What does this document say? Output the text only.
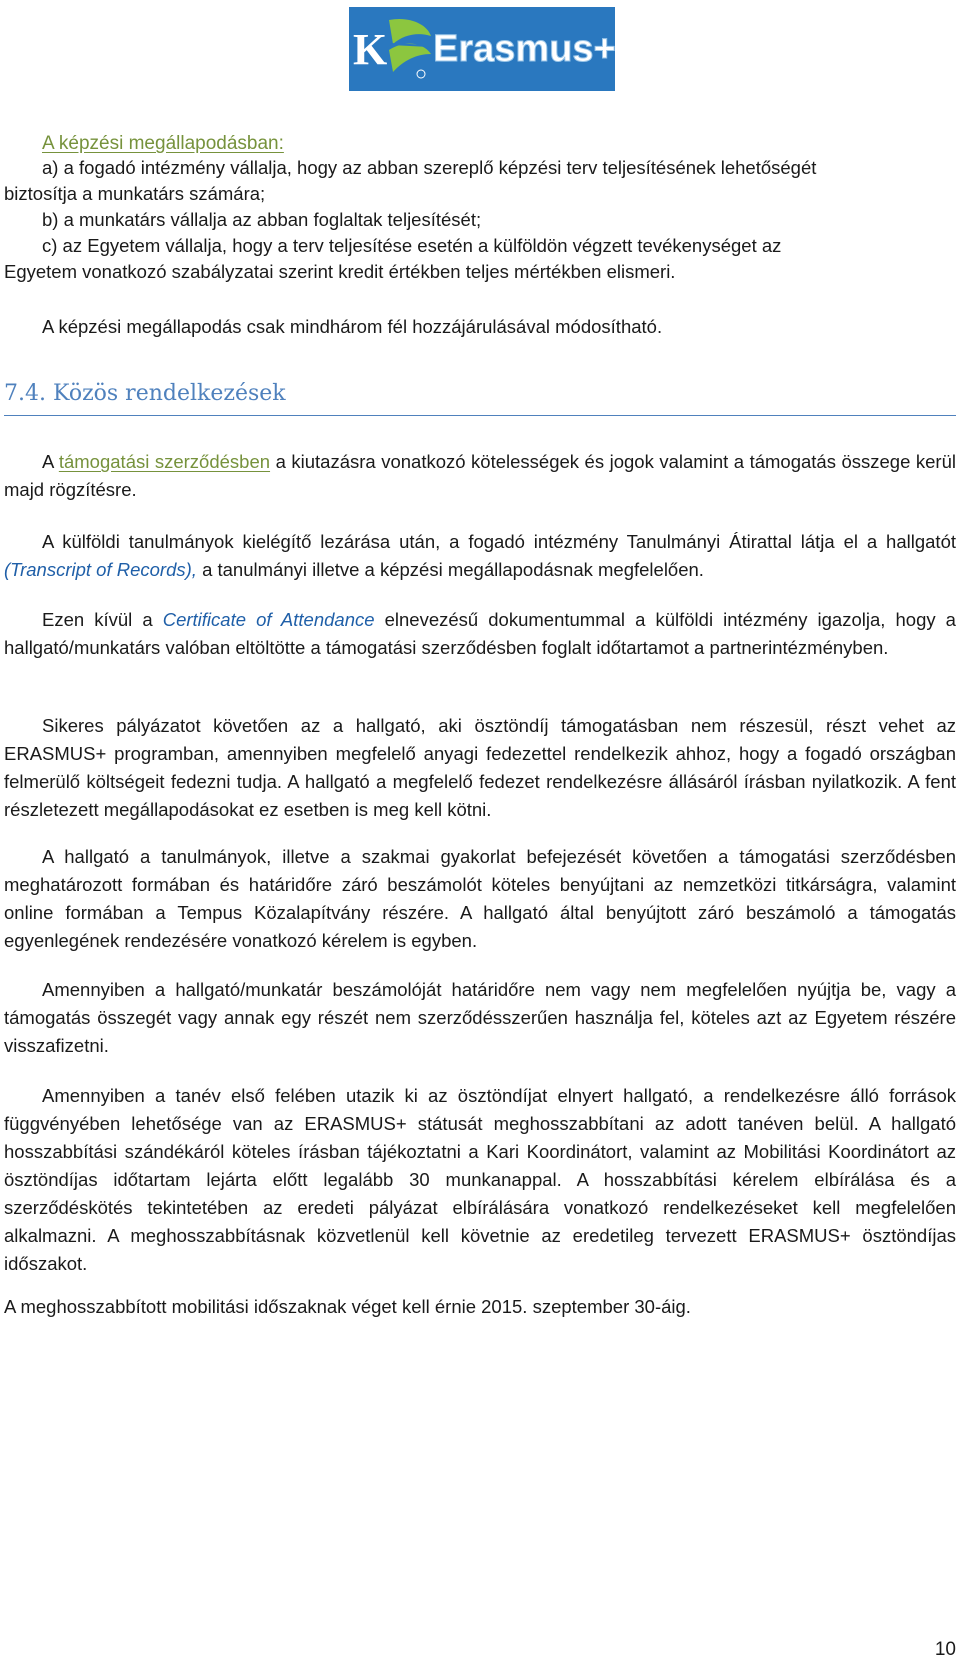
K Erasmus+
A képzési megállapodásban:
a) a fogadó intézmény vállalja, hogy az abban szereplő képzési terv teljesítésének lehetőségét
biztosítja a munkatárs számára;
b) a munkatárs vállalja az abban foglaltak teljesítését;
c) az Egyetem vállalja, hogy a terv teljesítése esetén a külföldön végzett tevékenységet az
Egyetem vonatkozó szabályzatai szerint kredit értékben teljes mértékben elismeri.
A képzési megállapodás csak mindhárom fél hozzájárulásával módosítható.
7.4. Közös rendelkezések

A támogatási szerződésben a kiutazásra vonatkozó kötelességek és jogok valamint a támogatás összege kerül majd rögzítésre.

A külföldi tanulmányok kielégítő lezárása után, a fogadó intézmény Tanulmányi Átirattal látja el a hallgatót (Transcript of Records), a tanulmányi illetve a képzési megállapodásnak megfelelően.

Ezen kívül a Certificate of Attendance elnevezésű dokumentummal a külföldi intézmény igazolja, hogy a hallgató/munkatárs valóban eltöltötte a támogatási szerződésben foglalt időtartamot a partnerintézményben.

Sikeres pályázatot követően az a hallgató, aki ösztöndíj támogatásban nem részesül, részt vehet az ERASMUS+ programban, amennyiben megfelelő anyagi fedezettel rendelkezik ahhoz, hogy a fogadó országban felmerülő költségeit fedezni tudja. A hallgató a megfelelő fedezet rendelkezésre állásáról írásban nyilatkozik. A fent részletezett megállapodásokat ez esetben is meg kell kötni.

A hallgató a tanulmányok, illetve a szakmai gyakorlat befejezését követően a támogatási szerződésben meghatározott formában és határidőre záró beszámolót köteles benyújtani az nemzetközi titkárságra, valamint online formában a Tempus Közalapítvány részére. A hallgató által benyújtott záró beszámoló a támogatás egyenlegének rendezésére vonatkozó kérelem is egyben.

Amennyiben a hallgató/munkatár beszámolóját határidőre nem vagy nem megfelelően nyújtja be, vagy a támogatás összegét vagy annak egy részét nem szerződésszerűen használja fel, köteles azt az Egyetem részére visszafizetni.

Amennyiben a tanév első felében utazik ki az ösztöndíjat elnyert hallgató, a rendelkezésre álló források függvényében lehetősége van az ERASMUS+ státusát meghosszabbítani az adott tanéven belül. A hallgató hosszabbítási szándékáról köteles írásban tájékoztatni a Kari Koordinátort, valamint az Mobilitási Koordinátort az ösztöndíjas időtartam lejárta előtt legalább 30 munkanappal. A hosszabbítási kérelem elbírálása és a szerződéskötés tekintetében az eredeti pályázat elbírálására vonatkozó rendelkezéseket kell megfelelően alkalmazni. A meghosszabbításnak közvetlenül kell követnie az eredetileg tervezett ERASMUS+ ösztöndíjas időszakot.

A meghosszabbított mobilitási időszaknak véget kell érnie 2015. szeptember 30-áig.

10
